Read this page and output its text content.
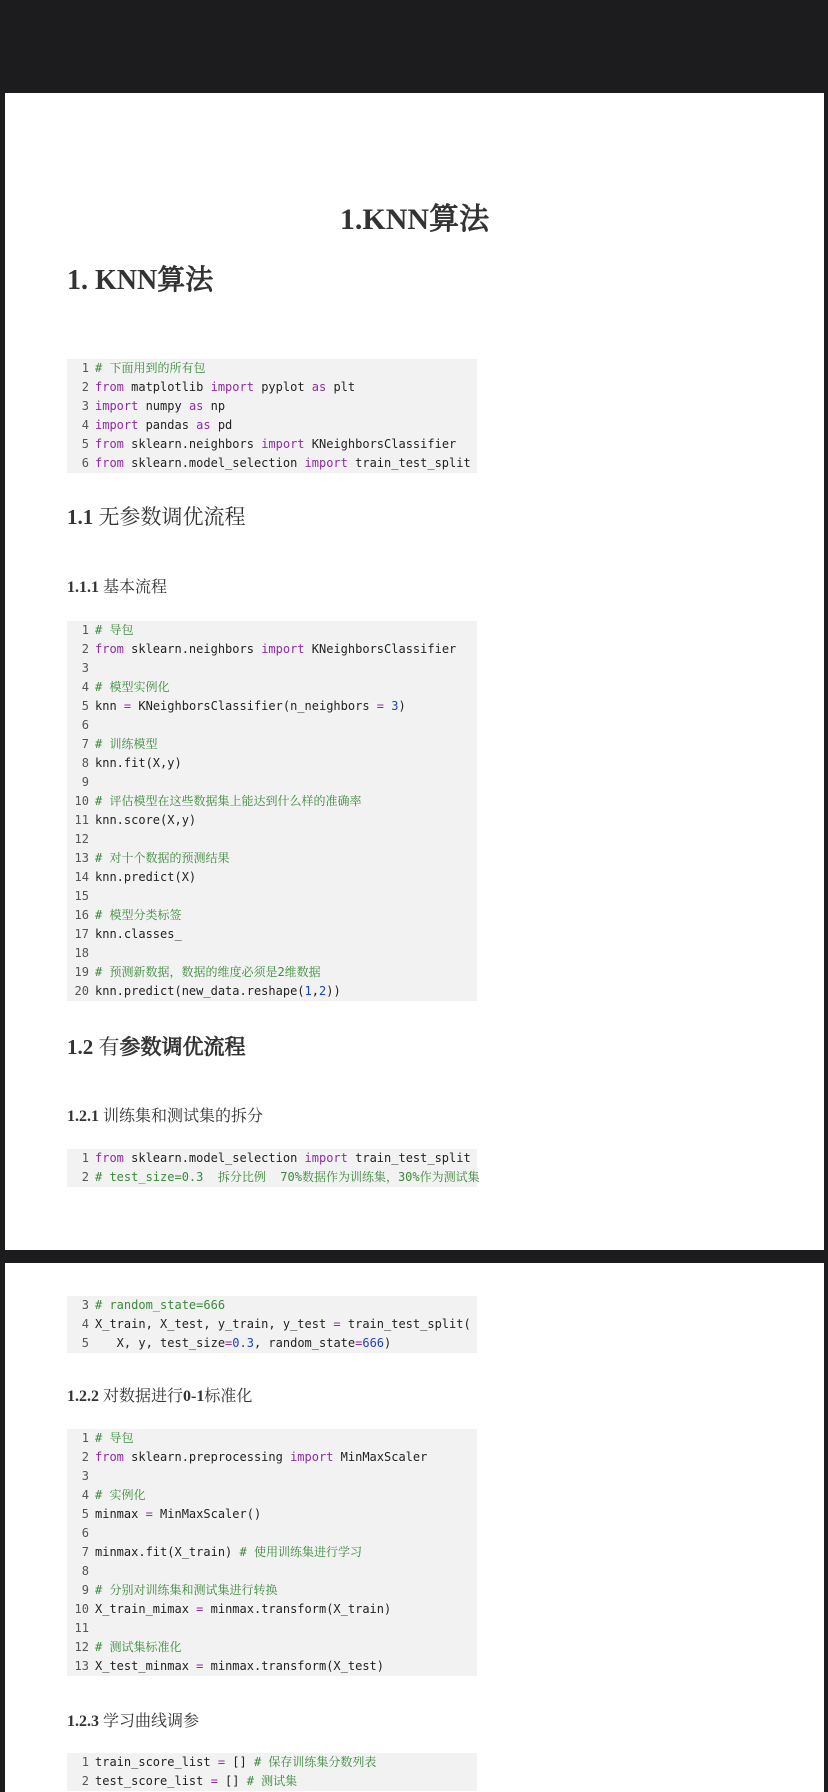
1.KNN算法
1. KNN算法
1 # 下面用到的所有包
2 from matplotlib import pyplot as plt
3 import numpy as np
4 import pandas as pd
5 from sklearn.neighbors import KNeighborsClassifier
6 from sklearn.model_selection import train_test_split
1.1 无参数调优流程
1.1.1 基本流程
1 # 导包
2 from sklearn.neighbors import KNeighborsClassifier
3
4 # 模型实例化
5 knn = KNeighborsClassifier(n_neighbors = 3)
6
7 # 训练模型
8 knn.fit(X,y)
9
10 # 评估模型在这些数据集上能达到什么样的准确率
11 knn.score(X,y)
12
13 # 对十个数据的预测结果
14 knn.predict(X)
15
16 # 模型分类标签
17 knn.classes_
18
19 # 预测新数据，数据的维度必须是2维数据
20 knn.predict(new_data.reshape(1,2))
1.2 有参数调优流程
1.2.1 训练集和测试集的拆分
1 from sklearn.model_selection import train_test_split
2 # test_size=0.3  拆分比例  70%数据作为训练集，30%作为测试集
3 # random_state=666
4 X_train, X_test, y_train, y_test = train_test_split(
5   X, y, test_size=0.3, random_state=666)
1.2.2 对数据进行0-1标准化
1 # 导包
2 from sklearn.preprocessing import MinMaxScaler
3
4 # 实例化
5 minmax = MinMaxScaler()
6
7 minmax.fit(X_train) # 使用训练集进行学习
8
9 # 分别对训练集和测试集进行转换
10 X_train_mimax = minmax.transform(X_train)
11
12 # 测试集标准化
13 X_test_minmax = minmax.transform(X_test)
1.2.3 学习曲线调参
1 train_score_list = [] # 保存训练集分数列表
2 test_score_list = [] # 测试集
